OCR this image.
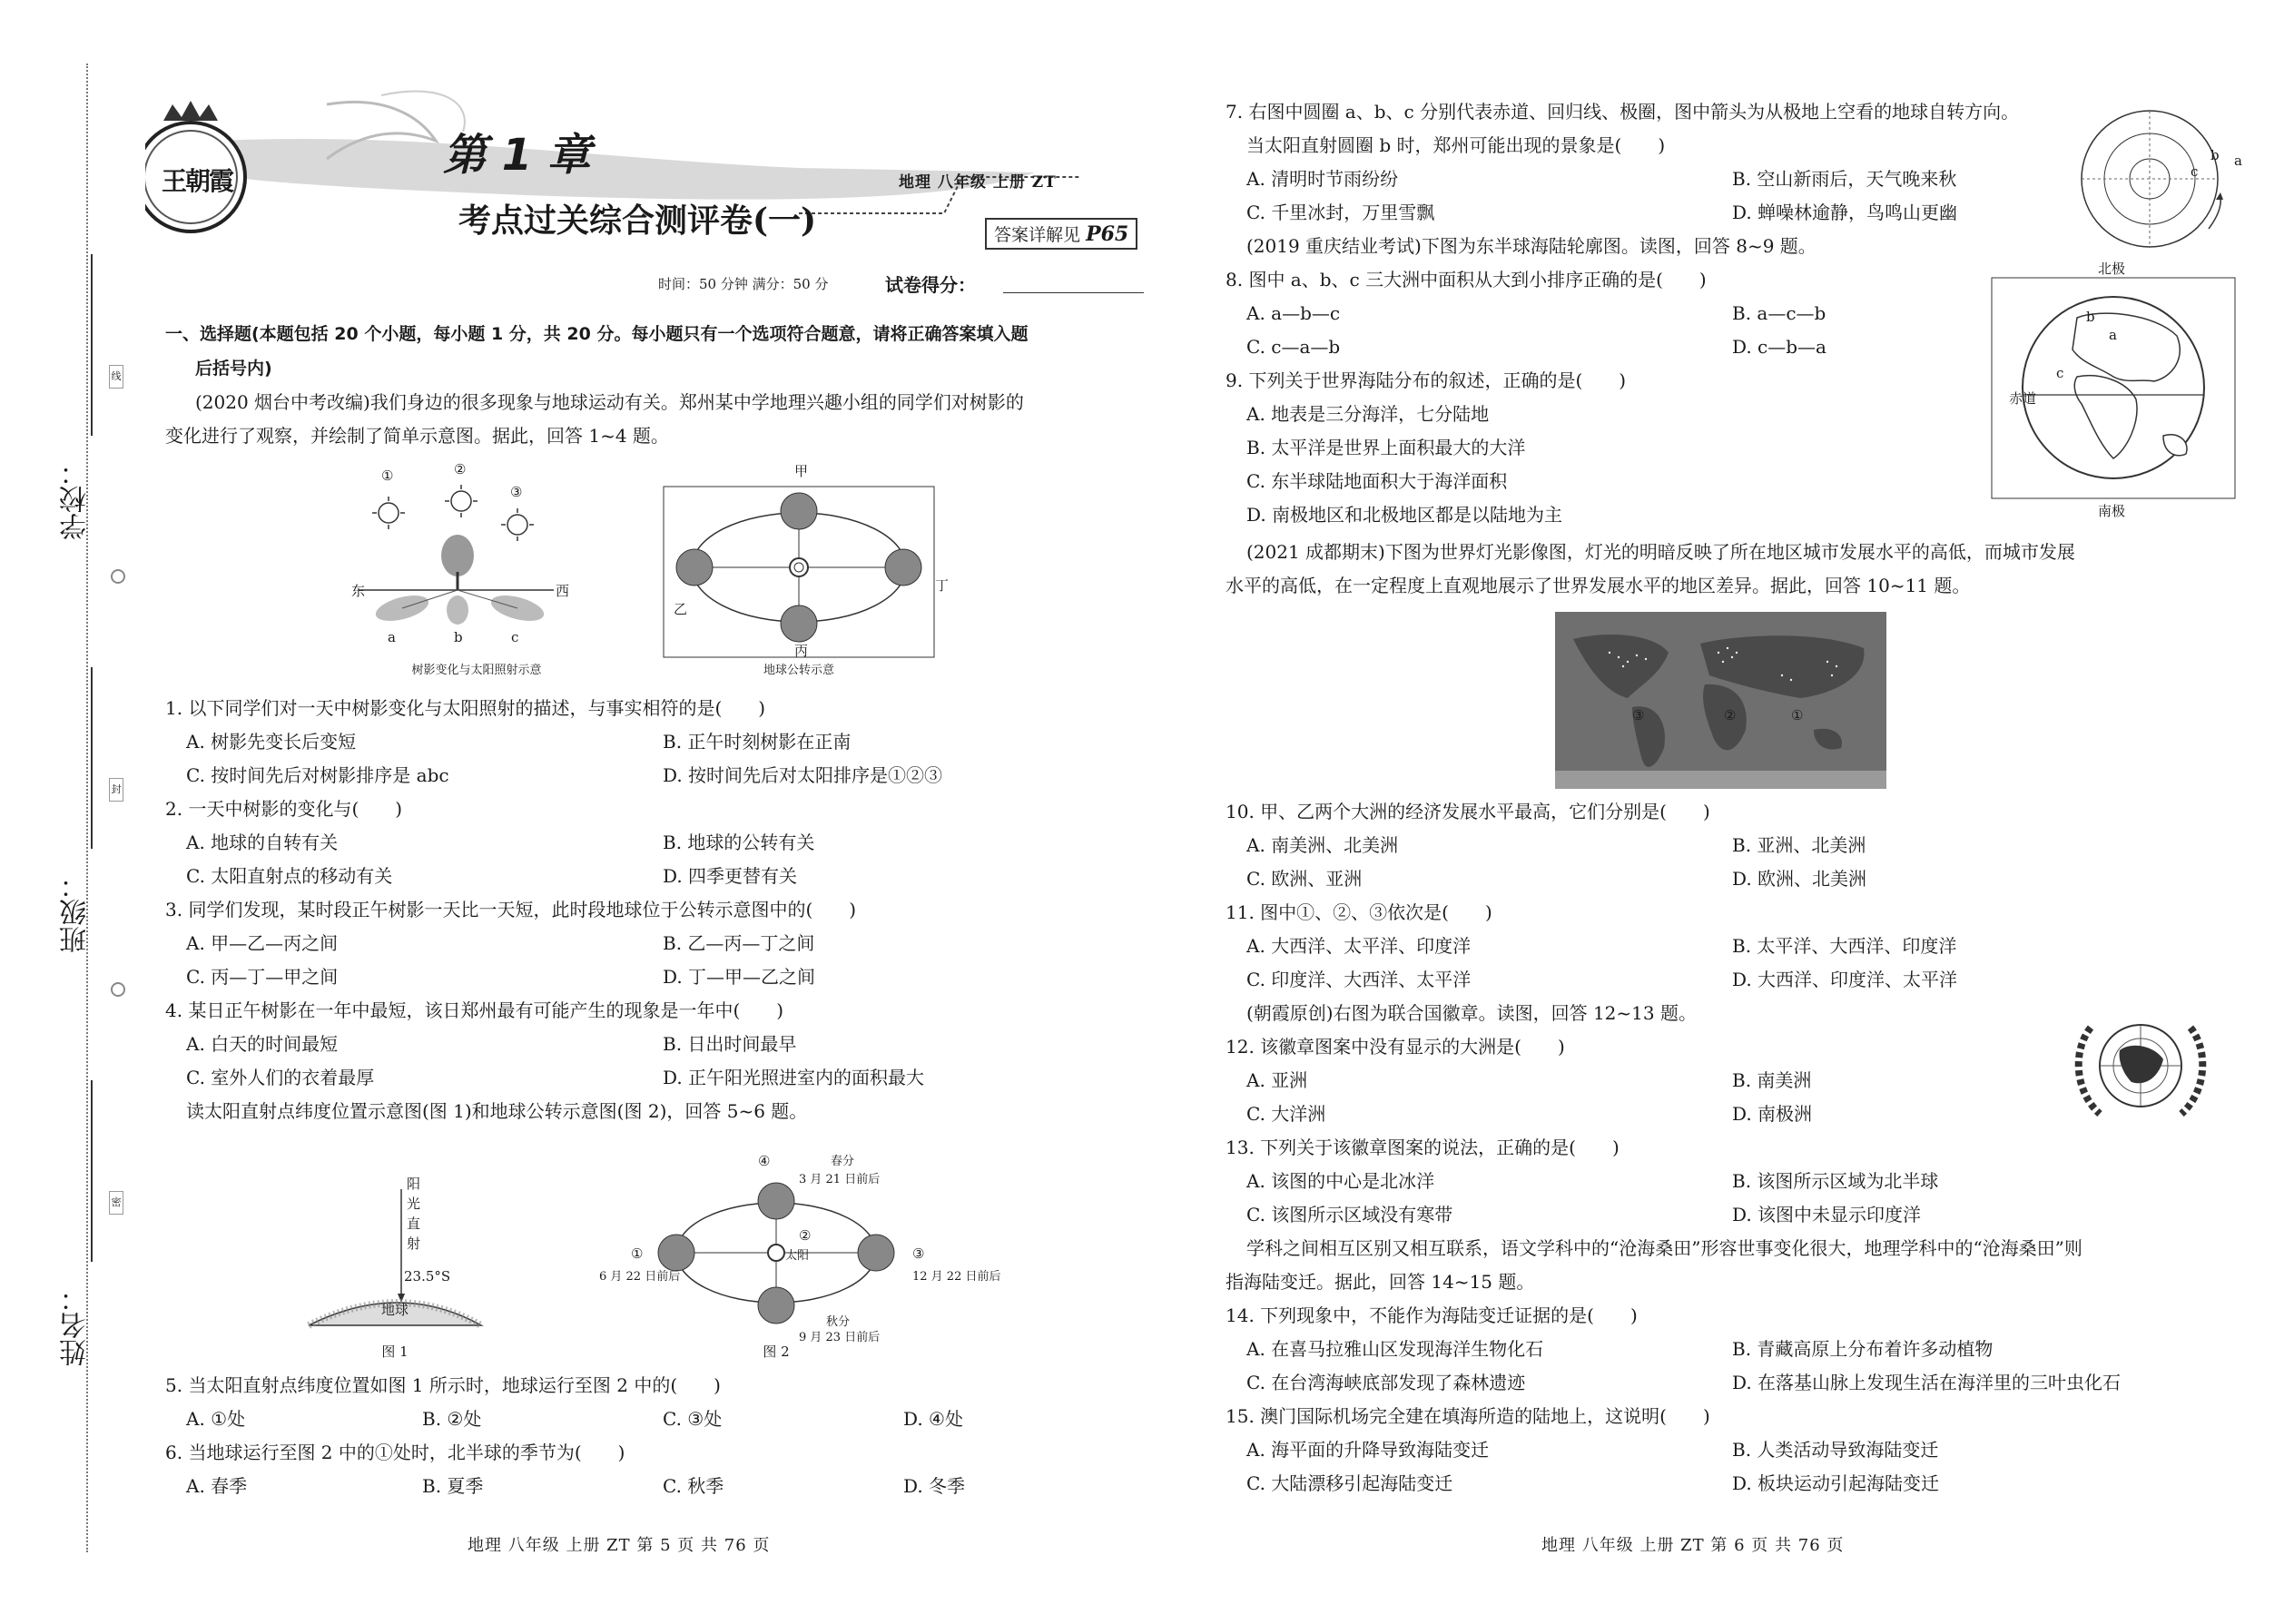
学校：
班级：
姓名：
线
封
密
王朝霞
第 1 章
考点过关综合测评卷(一)
地理 八年级 上册 ZT
答案详解见 P65
时间：50 分钟 满分：50 分	试卷得分：
一、选择题(本题包括 20 个小题，每小题 1 分，共 20 分。每小题只有一个选项符合题意，请将正确答案填入题
后括号内)
(2020 烟台中考改编)我们身边的很多现象与地球运动有关。郑州某中学地理兴趣小组的同学们对树影的
变化进行了观察，并绘制了简单示意图。据此，回答 1~4 题。
①	②
③
东	西
a	b	c
树影变化与太阳照射示意
甲
乙
丙
丁
地球公转示意
1. 以下同学们对一天中树影变化与太阳照射的描述，与事实相符的是(　　)
A. 树影先变长后变短	B. 正午时刻树影在正南
C. 按时间先后对树影排序是 abc	D. 按时间先后对太阳排序是①②③
2. 一天中树影的变化与(　　)
A. 地球的自转有关	B. 地球的公转有关
C. 太阳直射点的移动有关	D. 四季更替有关
3. 同学们发现，某时段正午树影一天比一天短，此时段地球位于公转示意图中的(　　)
A. 甲—乙—丙之间	B. 乙—丙—丁之间
C. 丙—丁—甲之间	D. 丁—甲—乙之间
4. 某日正午树影在一年中最短，该日郑州最有可能产生的现象是一年中(　　)
A. 白天的时间最短	B. 日出时间最早
C. 室外人们的衣着最厚	D. 正午阳光照进室内的面积最大
读太阳直射点纬度位置示意图(图 1)和地球公转示意图(图 2)，回答 5~6 题。
阳光直射
23.5°S
地球
图 1
④	春分
3 月 21 日前后
太阳
①
6 月 22 日前后
③
12 月 22 日前后
②
秋分
9 月 23 日前后
图 2
5. 当太阳直射点纬度位置如图 1 所示时，地球运行至图 2 中的(　　)
A. ①处	B. ②处	C. ③处	D. ④处
6. 当地球运行至图 2 中的①处时，北半球的季节为(　　)
A. 春季	B. 夏季	C. 秋季	D. 冬季
地理 八年级 上册 ZT 第 5 页 共 76 页
7. 右图中圆圈 a、b、c 分别代表赤道、回归线、极圈，图中箭头为从极地上空看的地球自转方向。
当太阳直射圆圈 b 时，郑州可能出现的景象是(　　)
A. 清明时节雨纷纷	B. 空山新雨后，天气晚来秋
C. 千里冰封，万里雪飘	D. 蝉噪林逾静，鸟鸣山更幽
a
b
c
(2019 重庆结业考试)下图为东半球海陆轮廓图。读图，回答 8~9 题。
8. 图中 a、b、c 三大洲中面积从大到小排序正确的是(　　)
A. a—b—c	B. a—c—b
C. c—a—b	D. c—b—a
北极
南极
赤道
a
b
c
9. 下列关于世界海陆分布的叙述，正确的是(　　)
A. 地表是三分海洋，七分陆地
B. 太平洋是世界上面积最大的大洋
C. 东半球陆地面积大于海洋面积
D. 南极地区和北极地区都是以陆地为主
(2021 成都期末)下图为世界灯光影像图，灯光的明暗反映了所在地区城市发展水平的高低，而城市发展
水平的高低，在一定程度上直观地展示了世界发展水平的地区差异。据此，回答 10~11 题。
③	②	①
10. 甲、乙两个大洲的经济发展水平最高，它们分别是(　　)
A. 南美洲、北美洲	B. 亚洲、北美洲
C. 欧洲、亚洲	D. 欧洲、北美洲
11. 图中①、②、③依次是(　　)
A. 大西洋、太平洋、印度洋	B. 太平洋、大西洋、印度洋
C. 印度洋、大西洋、太平洋	D. 大西洋、印度洋、太平洋
(朝霞原创)右图为联合国徽章。读图，回答 12~13 题。
12. 该徽章图案中没有显示的大洲是(　　)
A. 亚洲	B. 南美洲
C. 大洋洲	D. 南极洲
13. 下列关于该徽章图案的说法，正确的是(　　)
A. 该图的中心是北冰洋	B. 该图所示区域为北半球
C. 该图所示区域没有寒带	D. 该图中未显示印度洋
学科之间相互区别又相互联系，语文学科中的“沧海桑田”形容世事变化很大，地理学科中的“沧海桑田”则
指海陆变迁。据此，回答 14~15 题。
14. 下列现象中，不能作为海陆变迁证据的是(　　)
A. 在喜马拉雅山区发现海洋生物化石	B. 青藏高原上分布着许多动植物
C. 在台湾海峡底部发现了森林遗迹	D. 在落基山脉上发现生活在海洋里的三叶虫化石
15. 澳门国际机场完全建在填海所造的陆地上，这说明(　　)
A. 海平面的升降导致海陆变迁	B. 人类活动导致海陆变迁
C. 大陆漂移引起海陆变迁	D. 板块运动引起海陆变迁
地理 八年级 上册 ZT 第 6 页 共 76 页
